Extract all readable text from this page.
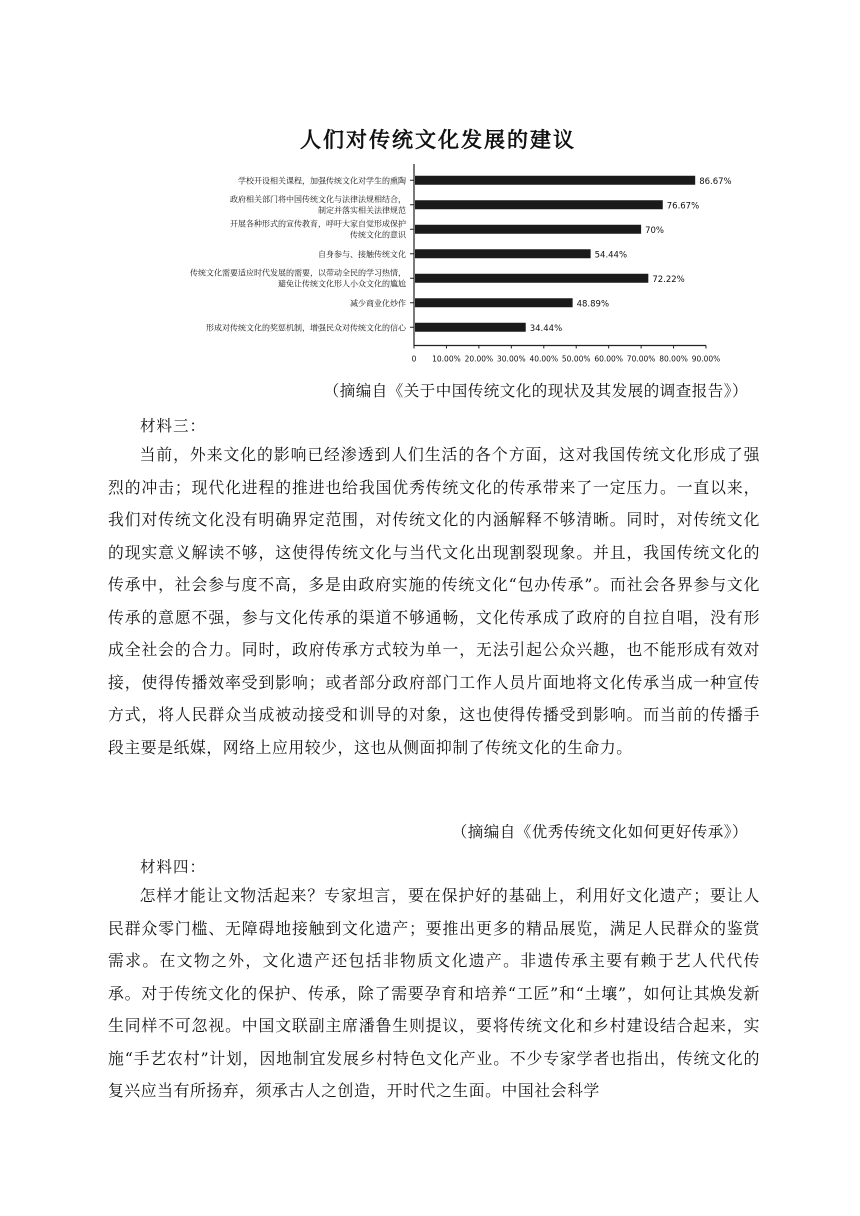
人们对传统文化发展的建议
86.67%
学校开设相关课程，加强传统文化对学生的熏陶
76.67%
政府相关部门将中国传统文化与法律法规相结合，
制定并落实相关法律规范
70%
开展各种形式的宣传教育，呼吁大家自觉形成保护
传统文化的意识
54.44%
自身参与、接触传统文化
72.22%
传统文化需要适应时代发展的需要，以带动全民的学习热情，
避免让传统文化形人小众文化的尴尬
48.89%
减少商业化炒作
34.44%
形成对传统文化的奖惩机制，增强民众对传统文化的信心
0 10.00% 20.00% 30.00% 40.00% 50.00% 60.00% 70.00% 80.00% 90.00%
（摘编自《关于中国传统文化的现状及其发展的调查报告》）
材料三：

当前，外来文化的影响已经渗透到人们生活的各个方面，这对我国传统文化形成了强烈的冲击；现代化进程的推进也给我国优秀传统文化的传承带来了一定压力。一直以来，我们对传统文化没有明确界定范围，对传统文化的内涵解释不够清晰。同时，对传统文化的现实意义解读不够，这使得传统文化与当代文化出现割裂现象。并且，我国传统文化的传承中，社会参与度不高，多是由政府实施的传统文化“包办传承”。而社会各界参与文化传承的意愿不强，参与文化传承的渠道不够通畅，文化传承成了政府的自拉自唱，没有形成全社会的合力。同时，政府传承方式较为单一，无法引起公众兴趣，也不能形成有效对接，使得传播效率受到影响；或者部分政府部门工作人员片面地将文化传承当成一种宣传方式，将人民群众当成被动接受和训导的对象，这也使得传播受到影响。而当前的传播手段主要是纸媒，网络上应用较少，这也从侧面抑制了传统文化的生命力。

（摘编自《优秀传统文化如何更好传承》）
材料四：

怎样才能让文物活起来？专家坦言，要在保护好的基础上，利用好文化遗产；要让人民群众零门槛、无障碍地接触到文化遗产；要推出更多的精品展览，满足人民群众的鉴赏需求。在文物之外，文化遗产还包括非物质文化遗产。非遗传承主要有赖于艺人代代传承。对于传统文化的保护、传承，除了需要孕育和培养“工匠”和“土壤”，如何让其焕发新生同样不可忽视。中国文联副主席潘鲁生则提议，要将传统文化和乡村建设结合起来，实施“手艺农村”计划，因地制宜发展乡村特色文化产业。不少专家学者也指出，传统文化的复兴应当有所扬弃，须承古人之创造，开时代之生面。中国社会科学
